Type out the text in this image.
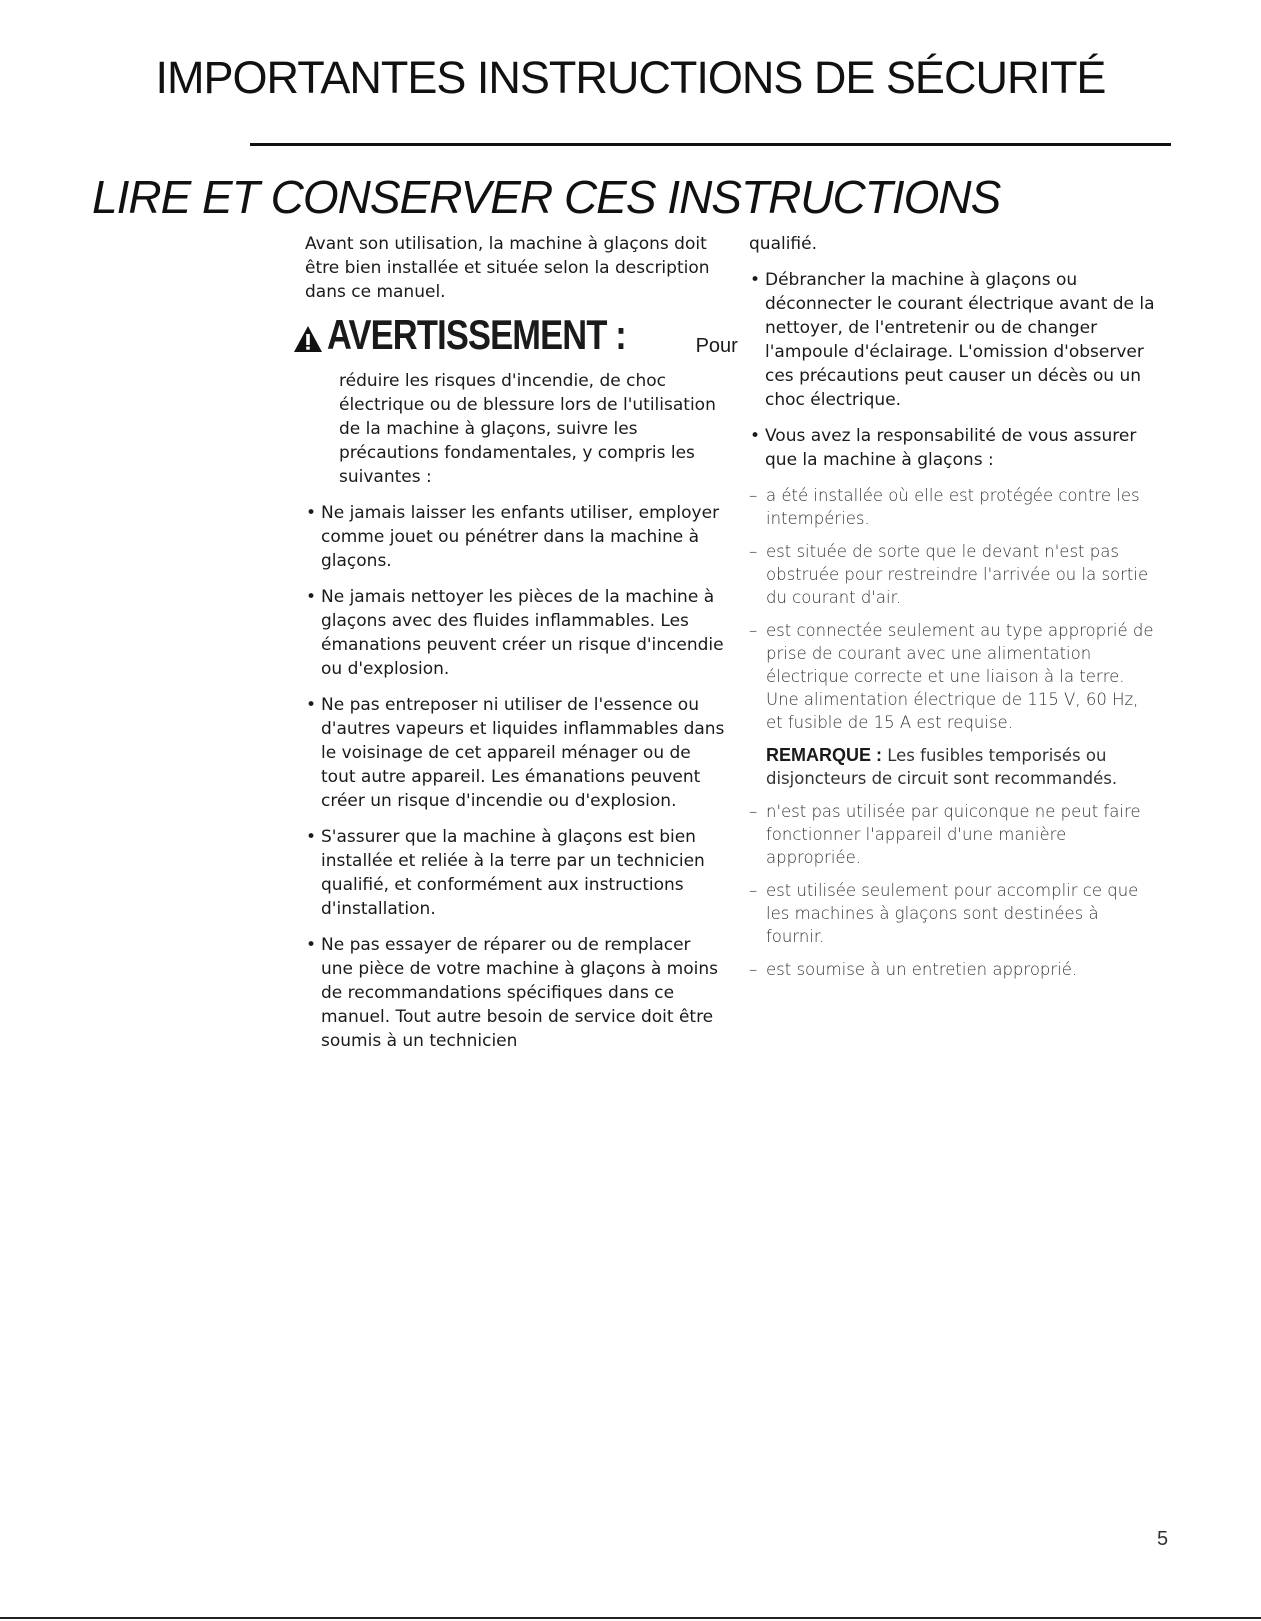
IMPORTANTES INSTRUCTIONS DE SÉCURITÉ
LIRE ET CONSERVER CES INSTRUCTIONS

Avant son utilisation, la machine à glaçons doit être bien installée et située selon la description dans ce manuel.

AVERTISSEMENT :	Pour

réduire les risques d'incendie, de choc électrique ou de blessure lors de l'utilisation de la machine à glaçons, suivre les précautions fondamentales, y compris les suivantes :

• Ne jamais laisser les enfants utiliser, employer comme jouet ou pénétrer dans la machine à glaçons.
• Ne jamais nettoyer les pièces de la machine à glaçons avec des fluides inflammables. Les émanations peuvent créer un risque d'incendie ou d'explosion.
• Ne pas entreposer ni utiliser de l'essence ou d'autres vapeurs et liquides inflammables dans le voisinage de cet appareil ménager ou de tout autre appareil. Les émanations peuvent créer un risque d'incendie ou d'explosion.
• S'assurer que la machine à glaçons est bien installée et reliée à la terre par un technicien qualifié, et conformément aux instructions d'installation.
• Ne pas essayer de réparer ou de remplacer une pièce de votre machine à glaçons à moins de recommandations spécifiques dans ce manuel. Tout autre besoin de service doit être soumis à un technicien

qualifié.

• Débrancher la machine à glaçons ou déconnecter le courant électrique avant de la nettoyer, de l'entretenir ou de changer l'ampoule d'éclairage. L'omission d'observer ces précautions peut causer un décès ou un choc électrique.
• Vous avez la responsabilité de vous assurer que la machine à glaçons :
– a été installée où elle est protégée contre les intempéries.
– est située de sorte que le devant n'est pas obstruée pour restreindre l'arrivée ou la sortie du courant d'air.
– est connectée seulement au type approprié de prise de courant avec une alimentation électrique correcte et une liaison à la terre. Une alimentation électrique de 115 V, 60 Hz, et fusible de 15 A est requise.

REMARQUE : Les fusibles temporisés ou disjoncteurs de circuit sont recommandés.

– n'est pas utilisée par quiconque ne peut faire fonctionner l'appareil d'une manière appropriée.
– est utilisée seulement pour accomplir ce que les machines à glaçons sont destinées à fournir.
– est soumise à un entretien approprié.
5
